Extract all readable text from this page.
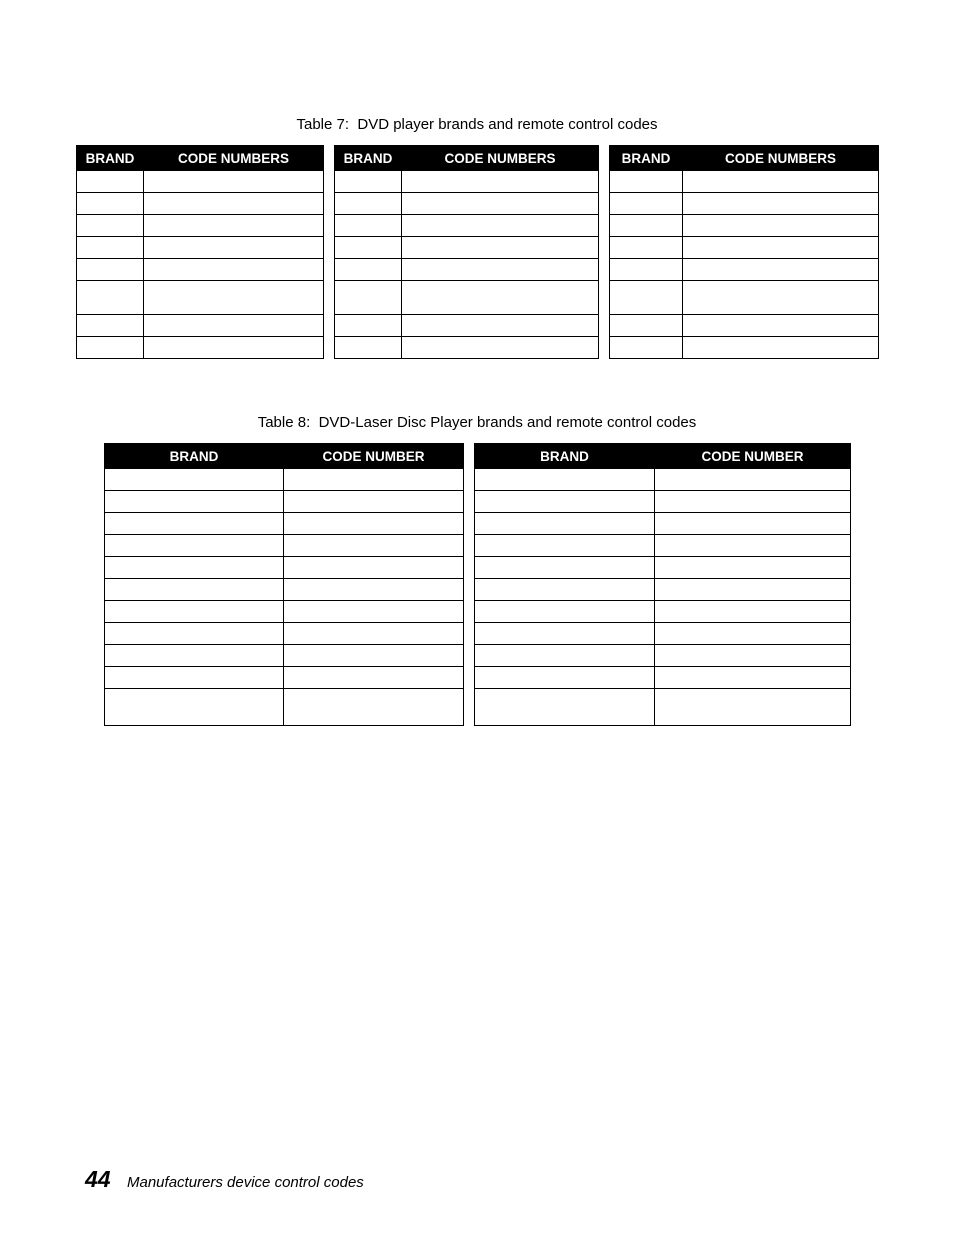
Table 7:  DVD player brands and remote control codes
BRAND	CODE NUMBERS

		BRAND	CODE NUMBERS

		BRAND	CODE NUMBERS

Table 8:  DVD-Laser Disc Player brands and remote control codes
BRAND	CODE NUMBER

		BRAND	CODE NUMBER

44 Manufacturers device control codes
